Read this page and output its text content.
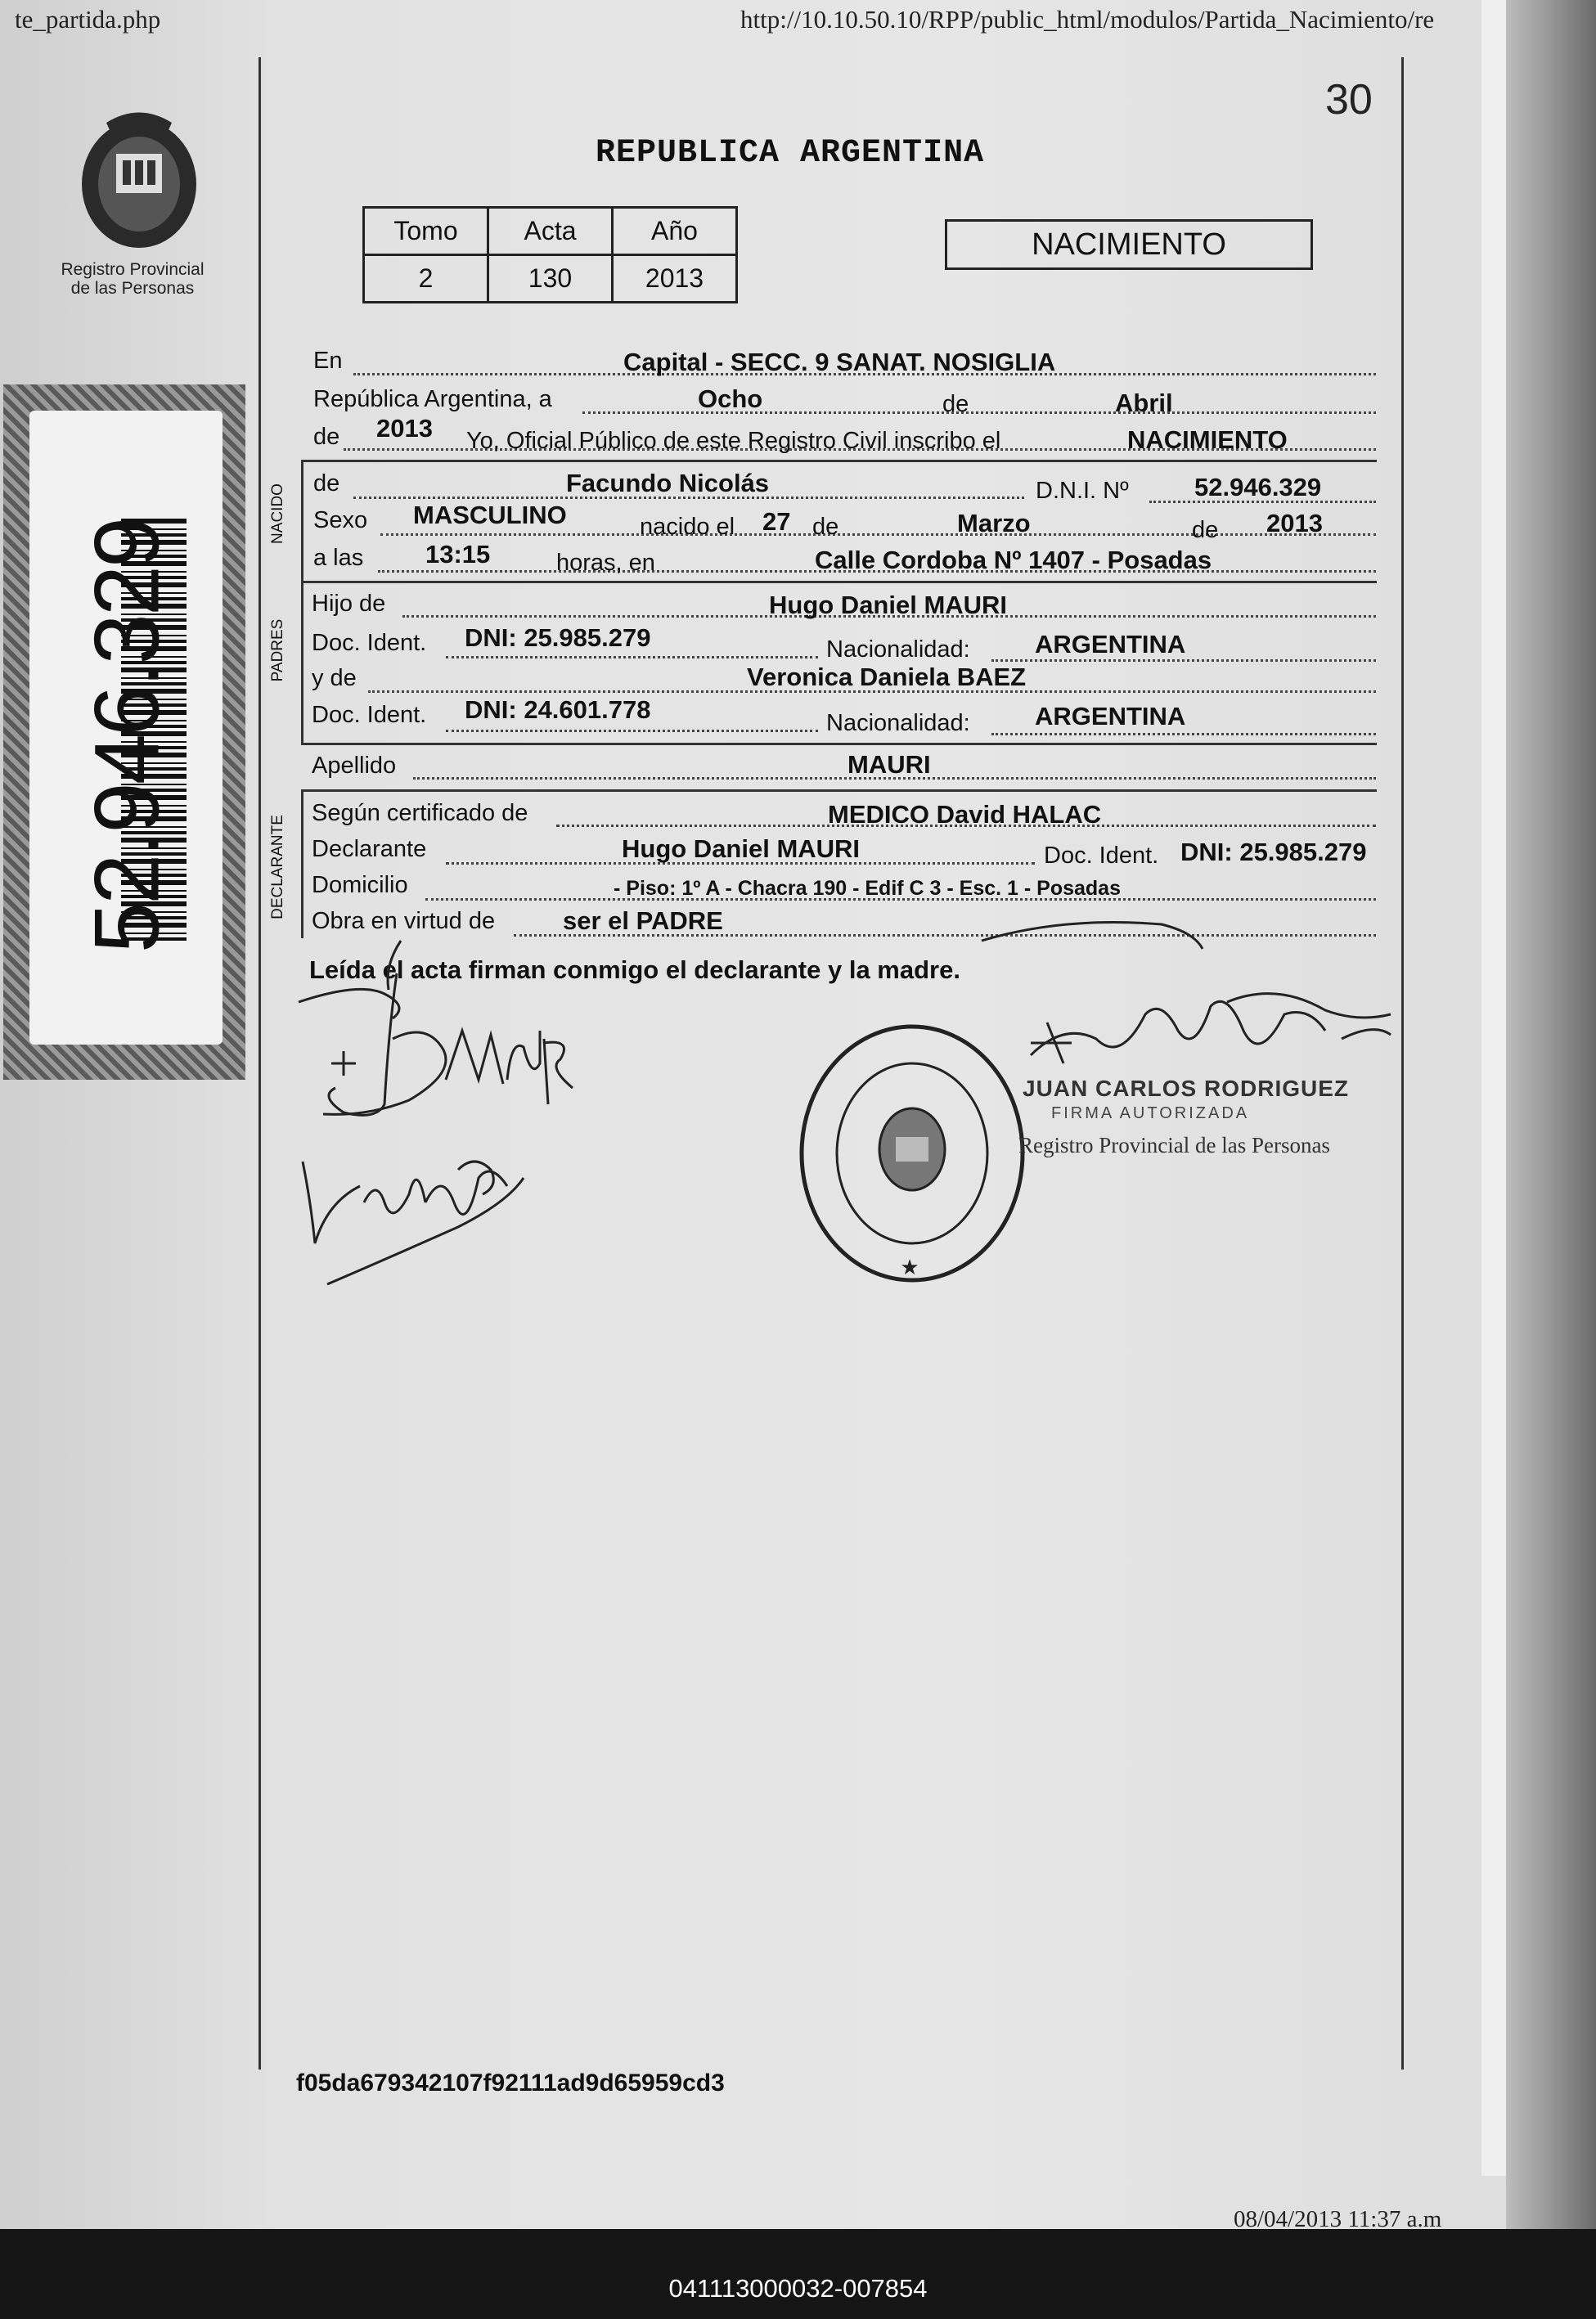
te_partida.php	http://10.10.50.10/RPP/public_html/modulos/Partida_Nacimiento/re
30
Registro Provincial
de las Personas
52.946.329
REPUBLICA ARGENTINA
Tomo	Acta	Año
2	130	2013
NACIMIENTO
En	Capital - SECC. 9 SANAT. NOSIGLIA
República Argentina, a	Ocho	de	Abril
de 2013 Yo, Oficial Público de este Registro Civil inscribo el	NACIMIENTO
NACIDO
de	Facundo Nicolás	D.N.I. Nº	52.946.329
Sexo MASCULINO	nacido el 27 de	Marzo	de 2013
a las 13:15	horas, en	Calle Cordoba Nº 1407 - Posadas
PADRES
Hijo de	Hugo Daniel MAURI
Doc. Ident. DNI: 25.985.279	Nacionalidad:	ARGENTINA
y de	Veronica Daniela BAEZ
Doc. Ident. DNI: 24.601.778	Nacionalidad:	ARGENTINA
Apellido	MAURI
DECLARANTE
Según certificado de	MEDICO David HALAC
Declarante	Hugo Daniel MAURI	Doc. Ident. DNI: 25.985.279
Domicilio	- Piso: 1º A - Chacra 190 - Edif C 3 - Esc. 1 - Posadas
Obra en virtud de	ser el PADRE
Leída el acta firman conmigo el declarante y la madre.
★
JUAN CARLOS RODRIGUEZ
FIRMA AUTORIZADA
Registro Provincial de las Personas
f05da679342107f92111ad9d65959cd3
08/04/2013 11:37 a.m
041113000032-007854
